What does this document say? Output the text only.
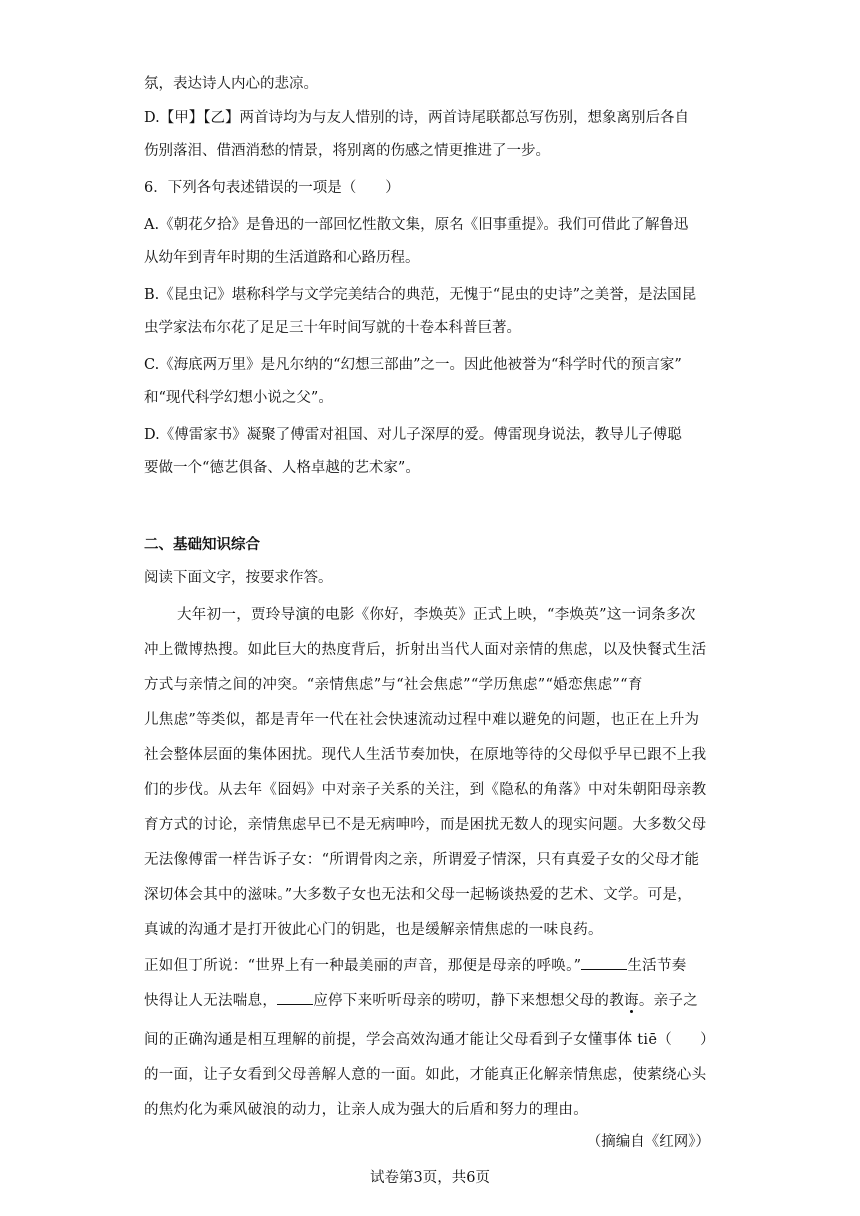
氛，表达诗人内心的悲凉。
D.【甲】【乙】两首诗均为与友人惜别的诗，两首诗尾联都总写伤别，想象离别后各自
伤别落泪、借酒消愁的情景，将别离的伤感之情更推进了一步。
6．下列各句表述错误的一项是（　　）
A.《朝花夕拾》是鲁迅的一部回忆性散文集，原名《旧事重提》。我们可借此了解鲁迅
从幼年到青年时期的生活道路和心路历程。
B.《昆虫记》堪称科学与文学完美结合的典范，无愧于“昆虫的史诗”之美誉，是法国昆
虫学家法布尔花了足足三十年时间写就的十卷本科普巨著。
C.《海底两万里》是凡尔纳的“幻想三部曲”之一。因此他被誉为“科学时代的预言家”
和“现代科学幻想小说之父”。
D.《傅雷家书》凝聚了傅雷对祖国、对儿子深厚的爱。傅雷现身说法，教导儿子傅聪
要做一个“德艺俱备、人格卓越的艺术家”。
二、基础知识综合
阅读下面文字，按要求作答。
大年初一，贾玲导演的电影《你好，李焕英》正式上映，“李焕英”这一词条多次
冲上微博热搜。如此巨大的热度背后，折射出当代人面对亲情的焦虑，以及快餐式生活
方式与亲情之间的冲突。“亲情焦虑”与“社会焦虑”“学历焦虑”“婚恋焦虑”“育
儿焦虑”等类似，都是青年一代在社会快速流动过程中难以避免的问题，也正在上升为
社会整体层面的集体困扰。现代人生活节奏加快，在原地等待的父母似乎早已跟不上我
们的步伐。从去年《囧妈》中对亲子关系的关注，到《隐私的角落》中对朱朝阳母亲教
育方式的讨论，亲情焦虑早已不是无病呻吟，而是困扰无数人的现实问题。大多数父母
无法像傅雷一样告诉子女：“所谓骨肉之亲，所谓爱子情深，只有真爱子女的父母才能
深切体会其中的滋味。”大多数子女也无法和父母一起畅谈热爱的艺术、文学。可是，
真诚的沟通才是打开彼此心门的钥匙，也是缓解亲情焦虑的一味良药。
正如但丁所说：“世界上有一种最美丽的声音，那便是母亲的呼唤。”	生活节奏
快得让人无法喘息， 应停下来听听母亲的唠叨，静下来想想父母的教诲。亲子之
间的正确沟通是相互理解的前提，学会高效沟通才能让父母看到子女懂事体 tiē（ ）
的一面，让子女看到父母善解人意的一面。如此，才能真正化解亲情焦虑，使萦绕心头
的焦灼化为乘风破浪的动力，让亲人成为强大的后盾和努力的理由。
（摘编自《红网》）
试卷第3页，共6页
